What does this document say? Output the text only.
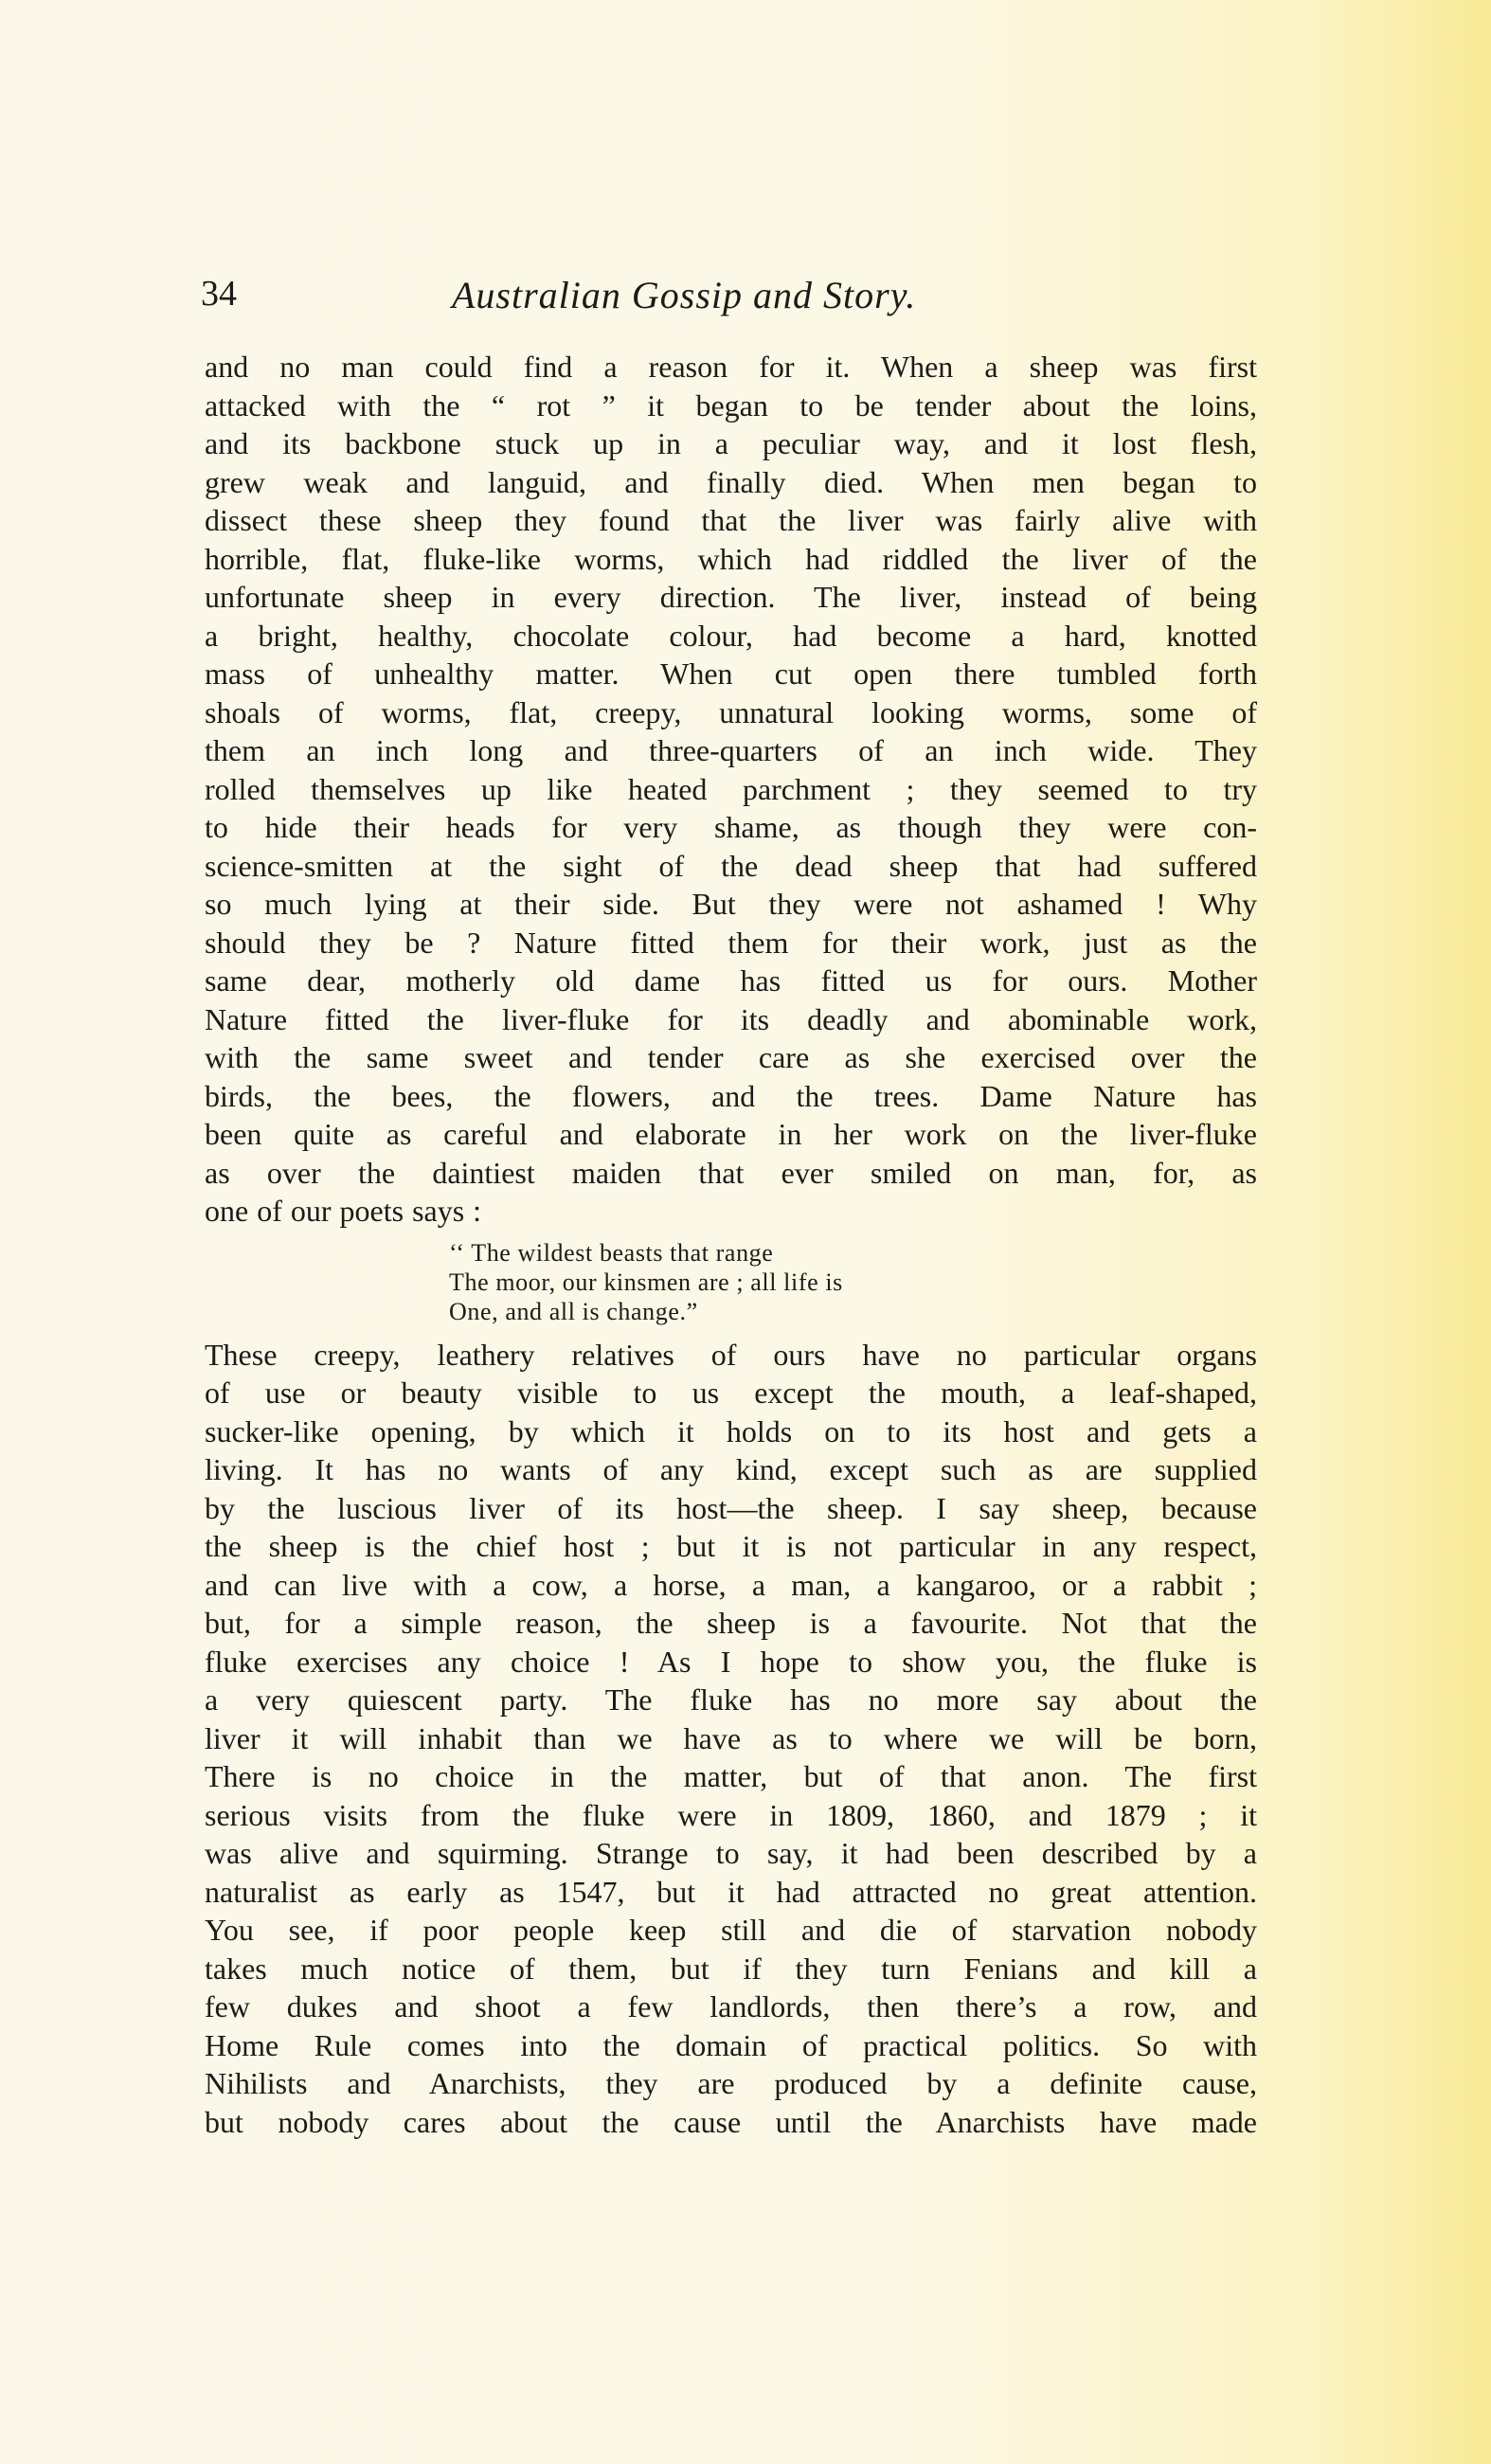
34	Australian Gossip and Story.
and no man could find a reason for it. When a sheep was first
attacked with the “ rot ” it began to be tender about the loins,
and its backbone stuck up in a peculiar way, and it lost flesh,
grew weak and languid, and finally died. When men began to
dissect these sheep they found that the liver was fairly alive with
horrible, flat, fluke-like worms, which had riddled the liver of the
unfortunate sheep in every direction. The liver, instead of being
a bright, healthy, chocolate colour, had become a hard, knotted
mass of unhealthy matter. When cut open there tumbled forth
shoals of worms, flat, creepy, unnatural looking worms, some of
them an inch long and three-quarters of an inch wide. They
rolled themselves up like heated parchment ; they seemed to try
to hide their heads for very shame, as though they were con-
science-smitten at the sight of the dead sheep that had suffered
so much lying at their side. But they were not ashamed ! Why
should they be ? Nature fitted them for their work, just as the
same dear, motherly old dame has fitted us for ours. Mother
Nature fitted the liver-fluke for its deadly and abominable work,
with the same sweet and tender care as she exercised over the
birds, the bees, the flowers, and the trees. Dame Nature has
been quite as careful and elaborate in her work on the liver-fluke
as over the daintiest maiden that ever smiled on man, for, as
one of our poets says :
‘‘ The wildest beasts that range
The moor, our kinsmen are ; all life is
One, and all is change.”
These creepy, leathery relatives of ours have no particular organs
of use or beauty visible to us except the mouth, a leaf-shaped,
sucker-like opening, by which it holds on to its host and gets a
living. It has no wants of any kind, except such as are supplied
by the luscious liver of its host—the sheep. I say sheep, because
the sheep is the chief host ; but it is not particular in any respect,
and can live with a cow, a horse, a man, a kangaroo, or a rabbit ;
but, for a simple reason, the sheep is a favourite. Not that the
fluke exercises any choice ! As I hope to show you, the fluke is
a very quiescent party. The fluke has no more say about the
liver it will inhabit than we have as to where we will be born,
There is no choice in the matter, but of that anon. The first
serious visits from the fluke were in 1809, 1860, and 1879 ; it
was alive and squirming. Strange to say, it had been described by a
naturalist as early as 1547, but it had attracted no great attention.
You see, if poor people keep still and die of starvation nobody
takes much notice of them, but if they turn Fenians and kill a
few dukes and shoot a few landlords, then there’s a row, and
Home Rule comes into the domain of practical politics. So with
Nihilists and Anarchists, they are produced by a definite cause,
but nobody cares about the cause until the Anarchists have made
